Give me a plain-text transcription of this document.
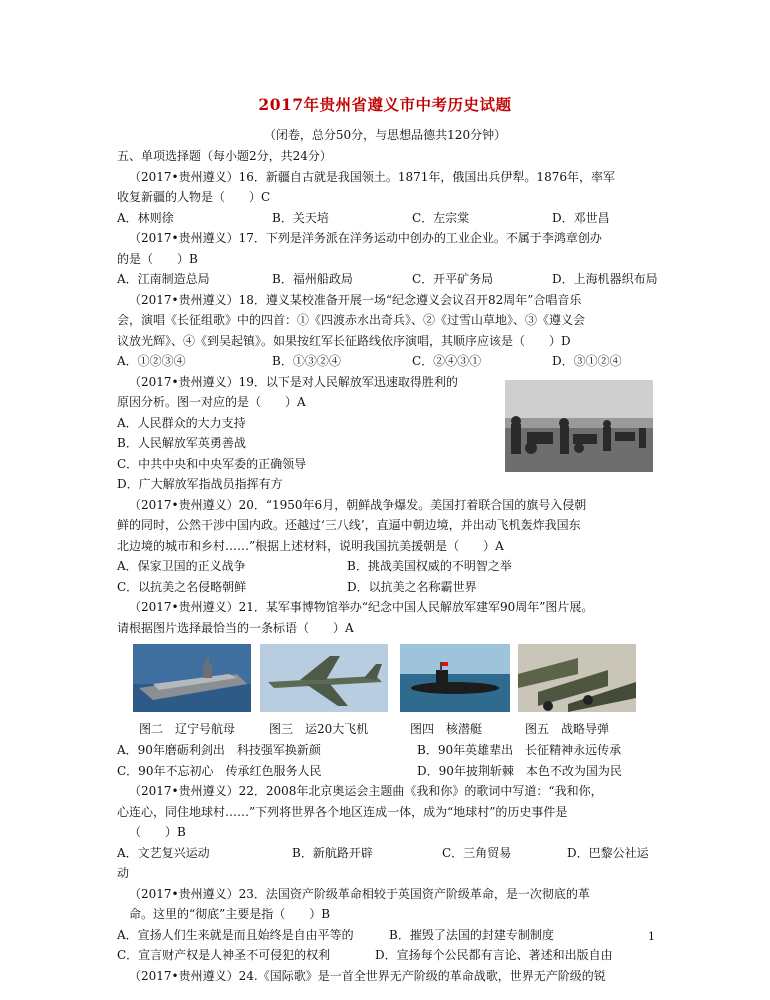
2017年贵州省遵义市中考历史试题
（闭卷，总分50分，与思想品德共120分钟）
五、单项选择题（每小题2分，共24分）
（2017•贵州遵义）16．新疆自古就是我国领土。1871年，俄国出兵伊犁。1876年，率军
收复新疆的人物是（　　）C
A．林则徐	B．关天培	C．左宗棠	D．邓世昌
（2017•贵州遵义）17．下列是洋务派在洋务运动中创办的工业企业。不属于李鸿章创办
的是（　　）B
A．江南制造总局	B．福州船政局	C．开平矿务局	D．上海机器织布局
（2017•贵州遵义）18．遵义某校准备开展一场“纪念遵义会议召开82周年”合唱音乐
会，演唱《长征组歌》中的四首：①《四渡赤水出奇兵》、②《过雪山草地》、③《遵义会
议放光辉》、④《到吴起镇》。如果按红军长征路线依序演唱，其顺序应该是（　　）D
A．①②③④	B．①③②④	C．②④③①	D．③①②④
（2017•贵州遵义）19．以下是对人民解放军迅速取得胜利的
原因分析。图一对应的是（　　）A
A．人民群众的大力支持
B．人民解放军英勇善战
C．中共中央和中央军委的正确领导
D．广大解放军指战员指挥有方
（2017•贵州遵义）20．“1950年6月，朝鲜战争爆发。美国打着联合国的旗号入侵朝
鲜的同时，公然干涉中国内政。还越过‘三八线’，直逼中朝边境，并出动飞机轰炸我国东
北边境的城市和乡村……”根据上述材料，说明我国抗美援朝是（　　）A
A．保家卫国的正义战争	B．挑战美国权威的不明智之举
C．以抗美之名侵略朝鲜	D．以抗美之名称霸世界
（2017•贵州遵义）21．某军事博物馆举办“纪念中国人民解放军建军90周年”图片展。
请根据图片选择最恰当的一条标语（　　）A
图二　辽宁号航母	图三　运20大飞机	图四　核潜艇	图五　战略导弹
A．90年磨砺利剑出　科技强军换新颜	B．90年英雄辈出　长征精神永远传承
C．90年不忘初心　传承红色服务人民	D．90年披荆斩棘　本色不改为国为民
（2017•贵州遵义）22．2008年北京奥运会主题曲《我和你》的歌词中写道：“我和你，
心连心，同住地球村……”下列将世界各个地区连成一体，成为“地球村”的历史事件是
（　　）B
A．文艺复兴运动	B．新航路开辟	C．三角贸易	D．巴黎公社运
动
（2017•贵州遵义）23．法国资产阶级革命相较于英国资产阶级革命，是一次彻底的革
命。这里的“彻底”主要是指（　　）B
A．宣扬人们生来就是而且始终是自由平等的	B．摧毁了法国的封建专制制度
C．宣言财产权是人神圣不可侵犯的权利	D．宣扬每个公民都有言论、著述和出版自由
（2017•贵州遵义）24.《国际歌》是一首全世界无产阶级的革命战歌，世界无产阶级的锐
1
